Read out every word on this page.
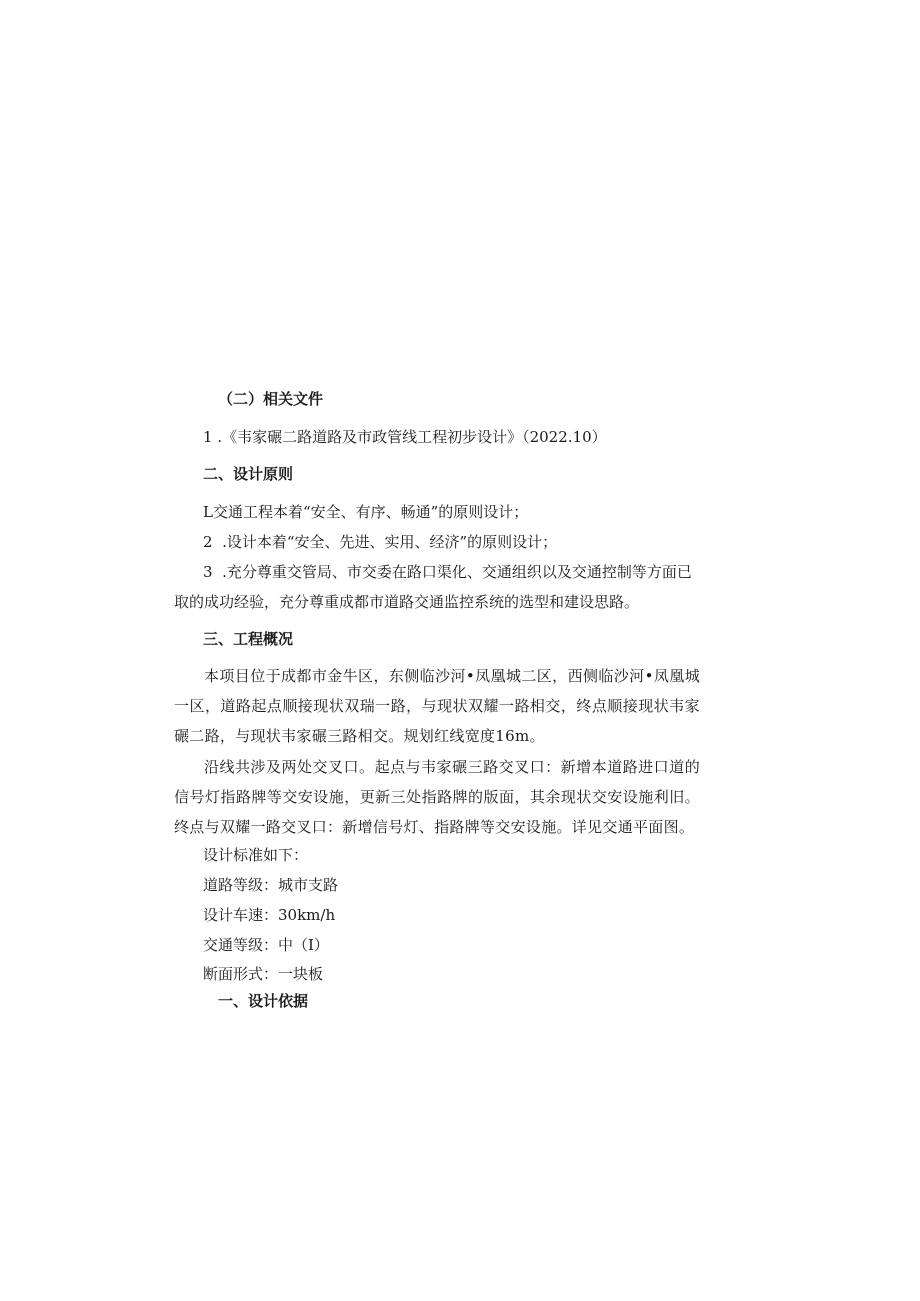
（二）相关文件
1 .《韦家碾二路道路及市政管线工程初步设计》（2022.10）
二、设计原则
L交通工程本着“安全、有序、畅通”的原则设计；
2  .设计本着“安全、先进、实用、经济”的原则设计；
3  .充分尊重交管局、市交委在路口渠化、交通组织以及交通控制等方面已
取的成功经验，充分尊重成都市道路交通监控系统的选型和建设思路。
三、工程概况
本项目位于成都市金牛区，东侧临沙河•凤凰城二区，西侧临沙河•凤凰城一区，道路起点顺接现状双瑞一路，与现状双耀一路相交，终点顺接现状韦家碾二路，与现状韦家碾三路相交。规划红线宽度16m。
沿线共涉及两处交叉口。起点与韦家碾三路交叉口：新增本道路进口道的信号灯指路牌等交安设施，更新三处指路牌的版面，其余现状交安设施利旧。终点与双耀一路交叉口：新增信号灯、指路牌等交安设施。详见交通平面图。
设计标准如下：
道路等级：城市支路
设计车速：30km/h
交通等级：中（I）
断面形式：一块板
一、设计依据
